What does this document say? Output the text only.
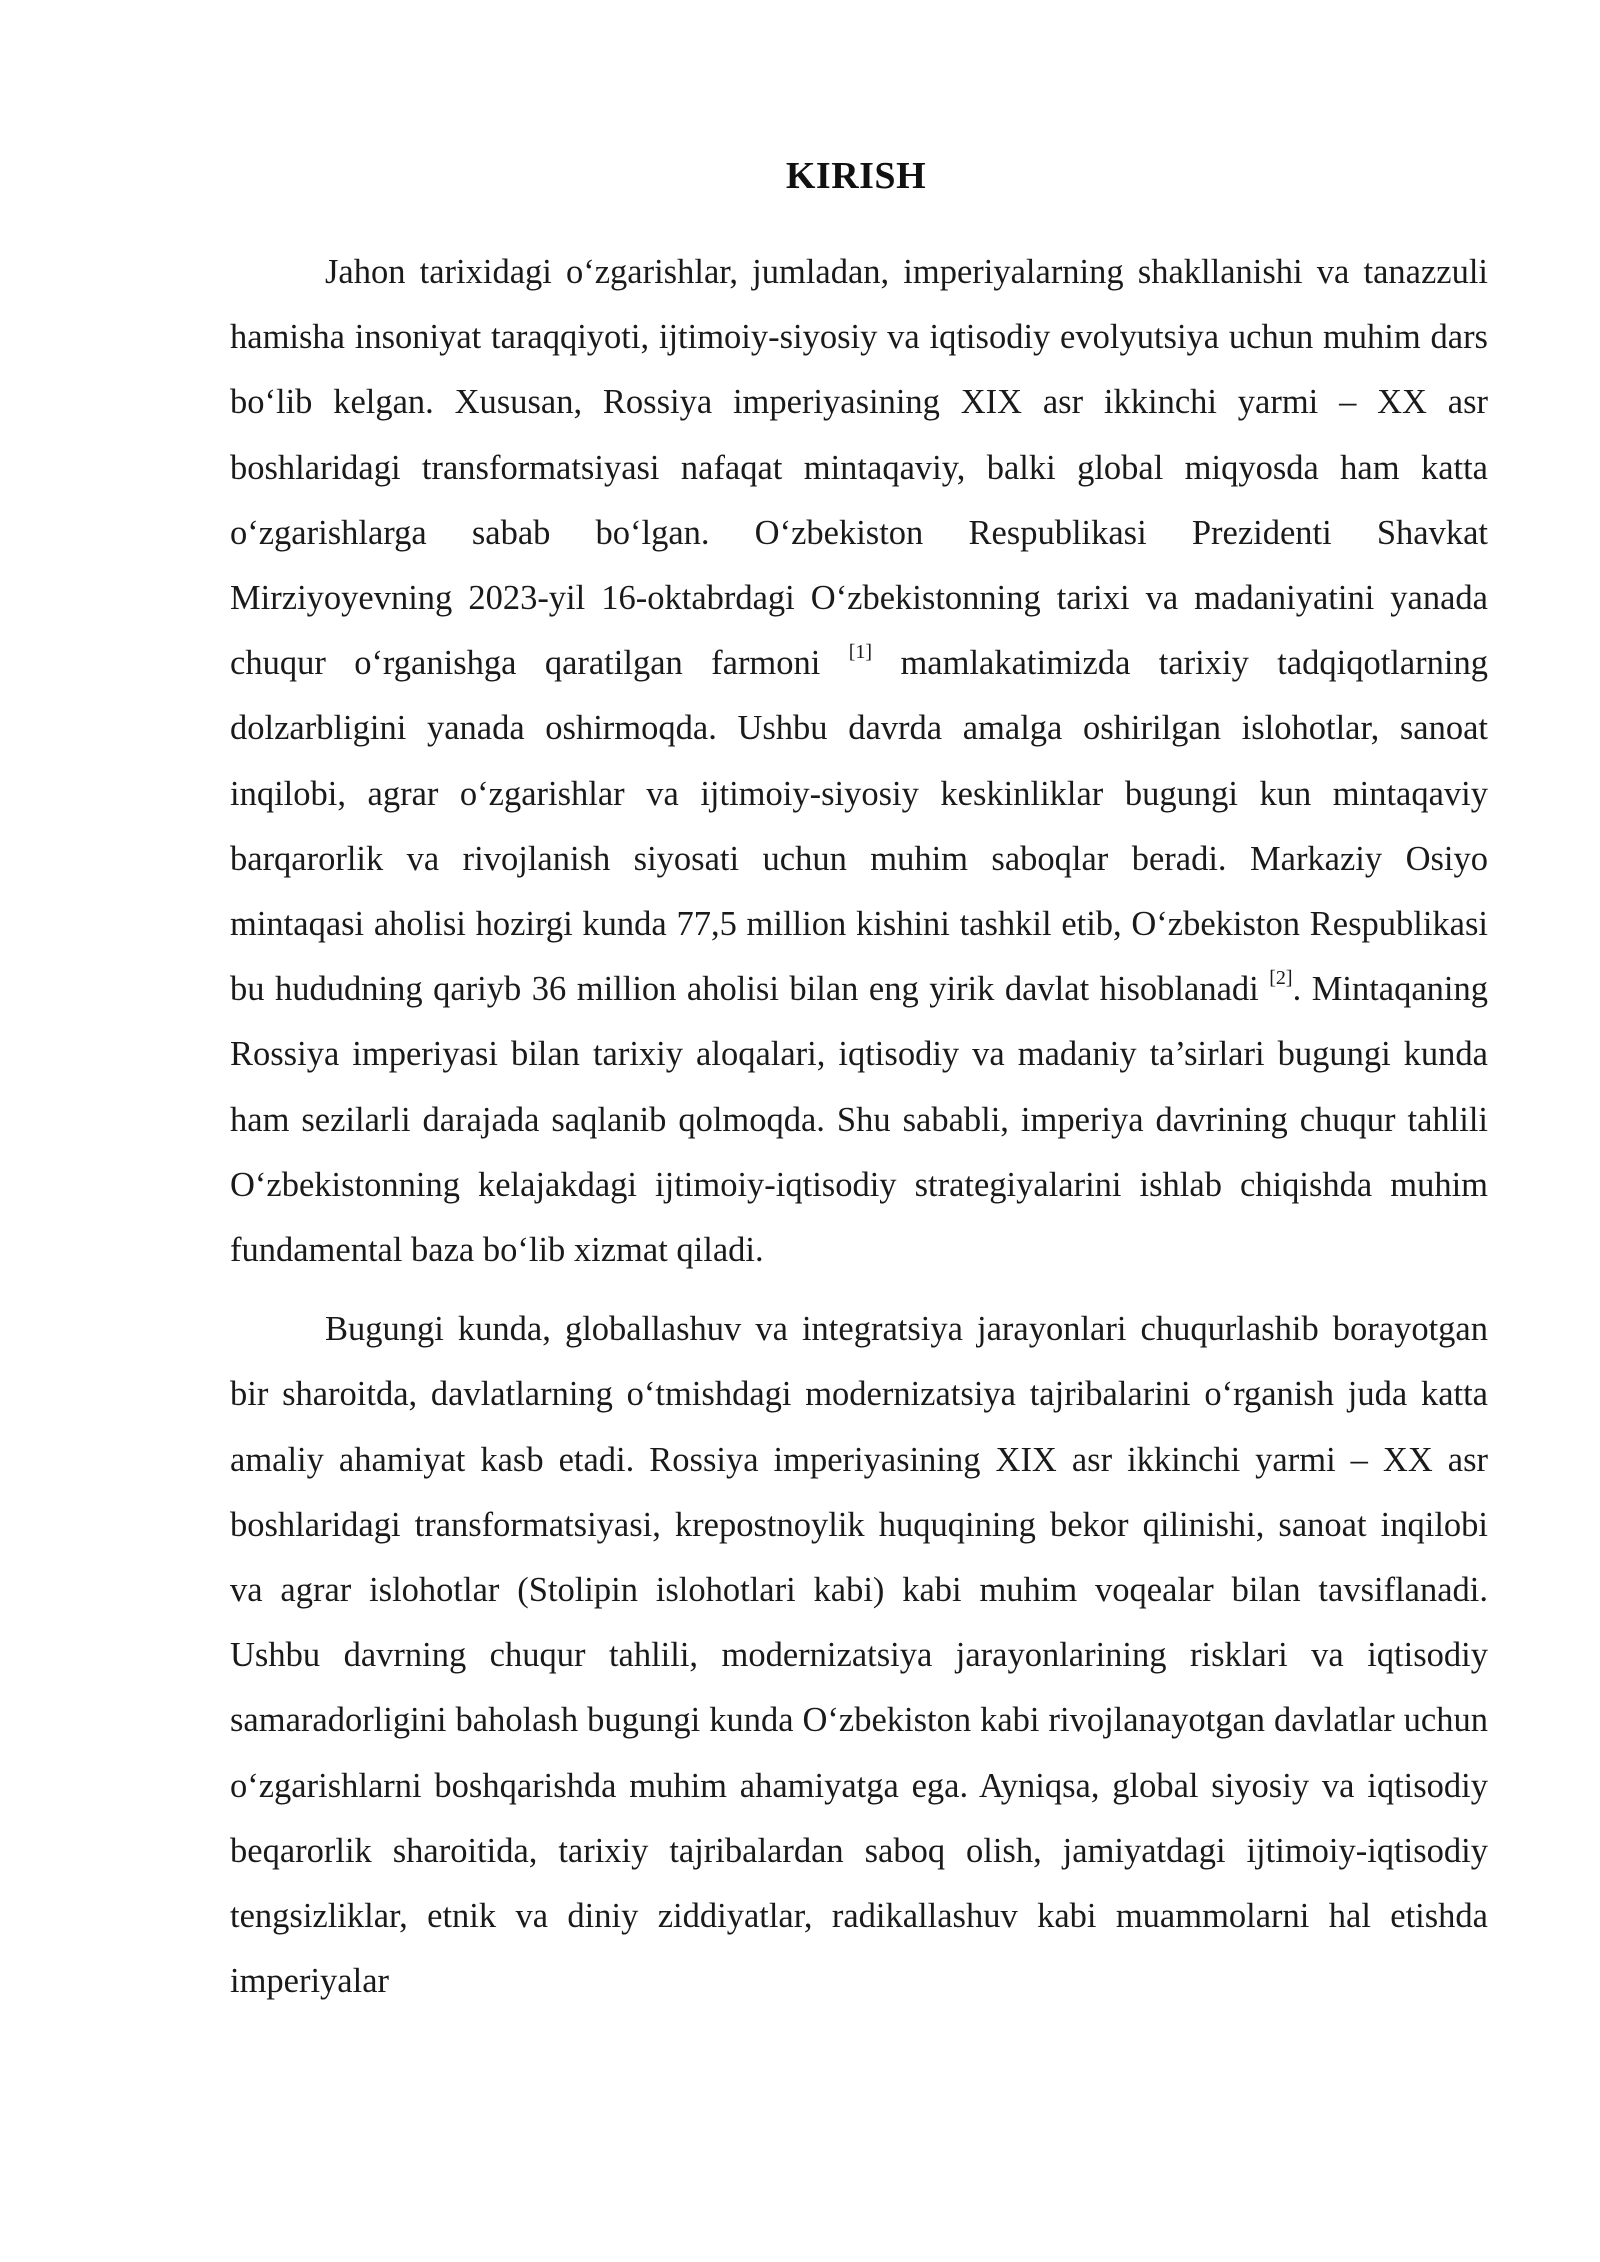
KIRISH

Jahon tarixidagi o‘zgarishlar, jumladan, imperiyalarning shakllanishi va tanazzuli hamisha insoniyat taraqqiyoti, ijtimoiy-siyosiy va iqtisodiy evolyutsiya uchun muhim dars bo‘lib kelgan. Xususan, Rossiya imperiyasining XIX asr ikkinchi yarmi – XX asr boshlaridagi transformatsiyasi nafaqat mintaqaviy, balki global miqyosda ham katta o‘zgarishlarga sabab bo‘lgan. O‘zbekiston Respublikasi Prezidenti Shavkat Mirziyoyevning 2023-yil 16-oktabrdagi O‘zbekistonning tarixi va madaniyatini yanada chuqur o‘rganishga qaratilgan farmoni [1] mamlakatimizda tarixiy tadqiqotlarning dolzarbligini yanada oshirmoqda. Ushbu davrda amalga oshirilgan islohotlar, sanoat inqilobi, agrar o‘zgarishlar va ijtimoiy-siyosiy keskinliklar bugungi kun mintaqaviy barqarorlik va rivojlanish siyosati uchun muhim saboqlar beradi. Markaziy Osiyo mintaqasi aholisi hozirgi kunda 77,5 million kishini tashkil etib, O‘zbekiston Respublikasi bu hududning qariyb 36 million aholisi bilan eng yirik davlat hisoblanadi [2]. Mintaqaning Rossiya imperiyasi bilan tarixiy aloqalari, iqtisodiy va madaniy ta’sirlari bugungi kunda ham sezilarli darajada saqlanib qolmoqda. Shu sababli, imperiya davrining chuqur tahlili O‘zbekistonning kelajakdagi ijtimoiy-iqtisodiy strategiyalarini ishlab chiqishda muhim fundamental baza bo‘lib xizmat qiladi.

Bugungi kunda, globallashuv va integratsiya jarayonlari chuqurlashib borayotgan bir sharoitda, davlatlarning o‘tmishdagi modernizatsiya tajribalarini o‘rganish juda katta amaliy ahamiyat kasb etadi. Rossiya imperiyasining XIX asr ikkinchi yarmi – XX asr boshlaridagi transformatsiyasi, krepostnoylik huquqining bekor qilinishi, sanoat inqilobi va agrar islohotlar (Stolipin islohotlari kabi) kabi muhim voqealar bilan tavsiflanadi. Ushbu davrning chuqur tahlili, modernizatsiya jarayonlarining risklari va iqtisodiy samaradorligini baholash bugungi kunda O‘zbekiston kabi rivojlanayotgan davlatlar uchun o‘zgarishlarni boshqarishda muhim ahamiyatga ega. Ayniqsa, global siyosiy va iqtisodiy beqarorlik sharoitida, tarixiy tajribalardan saboq olish, jamiyatdagi ijtimoiy-iqtisodiy tengsizliklar, etnik va diniy ziddiyatlar, radikallashuv kabi muammolarni hal etishda imperiyalar
